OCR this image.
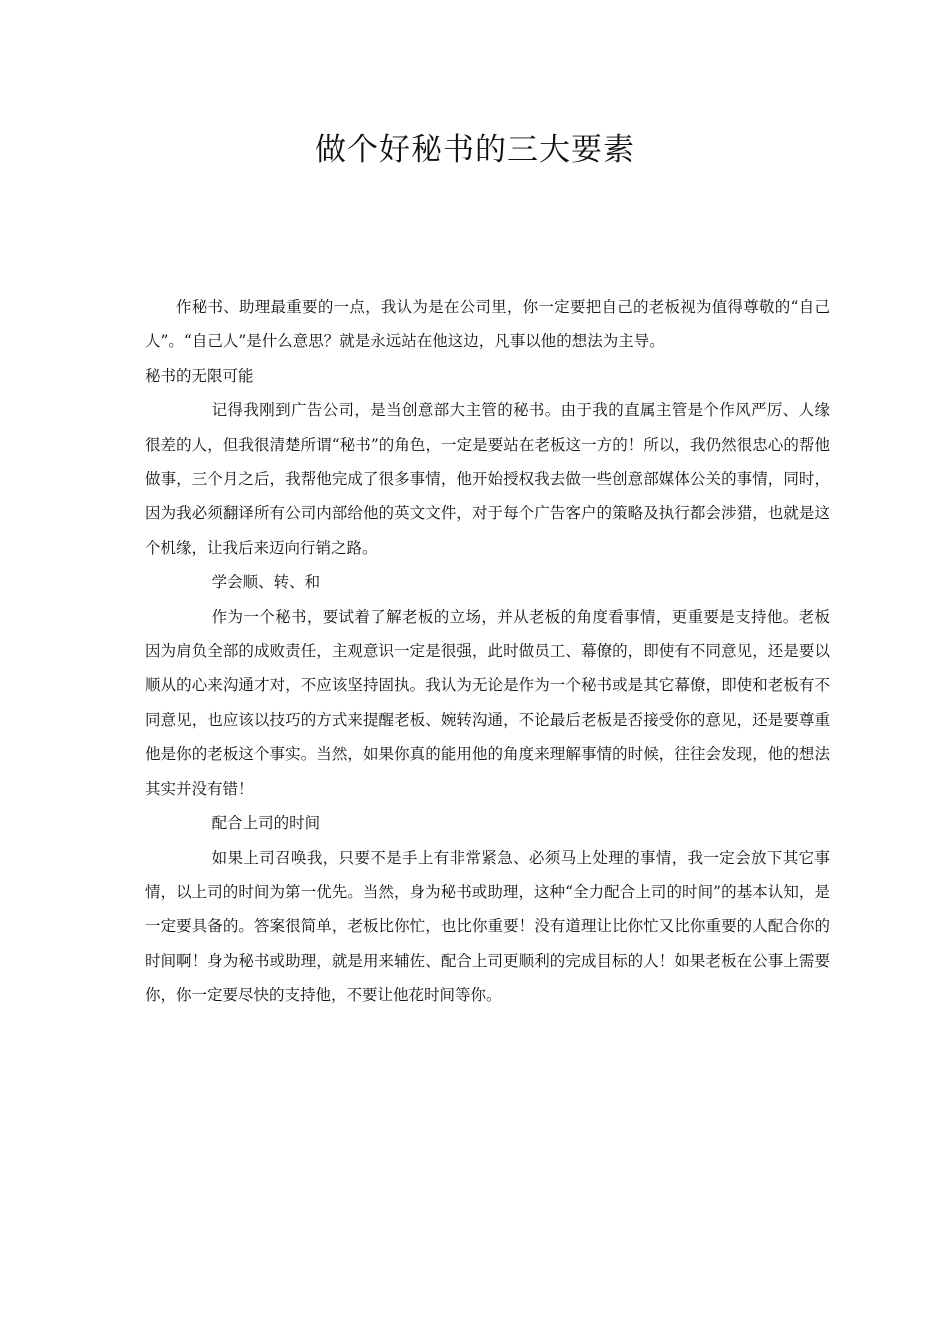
做个好秘书的三大要素

作秘书、助理最重要的一点，我认为是在公司里，你一定要把自己的老板视为值得尊敬的“自己人”。“自己人”是什么意思？就是永远站在他这边，凡事以他的想法为主导。

秘书的无限可能

记得我刚到广告公司，是当创意部大主管的秘书。由于我的直属主管是个作风严厉、人缘很差的人，但我很清楚所谓“秘书”的角色，一定是要站在老板这一方的！所以，我仍然很忠心的帮他做事，三个月之后，我帮他完成了很多事情，他开始授权我去做一些创意部媒体公关的事情，同时，因为我必须翻译所有公司内部给他的英文文件，对于每个广告客户的策略及执行都会涉猎，也就是这个机缘，让我后来迈向行销之路。

学会顺、转、和

作为一个秘书，要试着了解老板的立场，并从老板的角度看事情，更重要是支持他。老板因为肩负全部的成败责任，主观意识一定是很强，此时做员工、幕僚的，即使有不同意见，还是要以顺从的心来沟通才对，不应该坚持固执。我认为无论是作为一个秘书或是其它幕僚，即使和老板有不同意见，也应该以技巧的方式来提醒老板、婉转沟通，不论最后老板是否接受你的意见，还是要尊重他是你的老板这个事实。当然，如果你真的能用他的角度来理解事情的时候，往往会发现，他的想法其实并没有错！

配合上司的时间

如果上司召唤我，只要不是手上有非常紧急、必须马上处理的事情，我一定会放下其它事情，以上司的时间为第一优先。当然，身为秘书或助理，这种“全力配合上司的时间”的基本认知，是一定要具备的。答案很简单，老板比你忙，也比你重要！没有道理让比你忙又比你重要的人配合你的时间啊！身为秘书或助理，就是用来辅佐、配合上司更顺利的完成目标的人！如果老板在公事上需要你，你一定要尽快的支持他，不要让他花时间等你。
